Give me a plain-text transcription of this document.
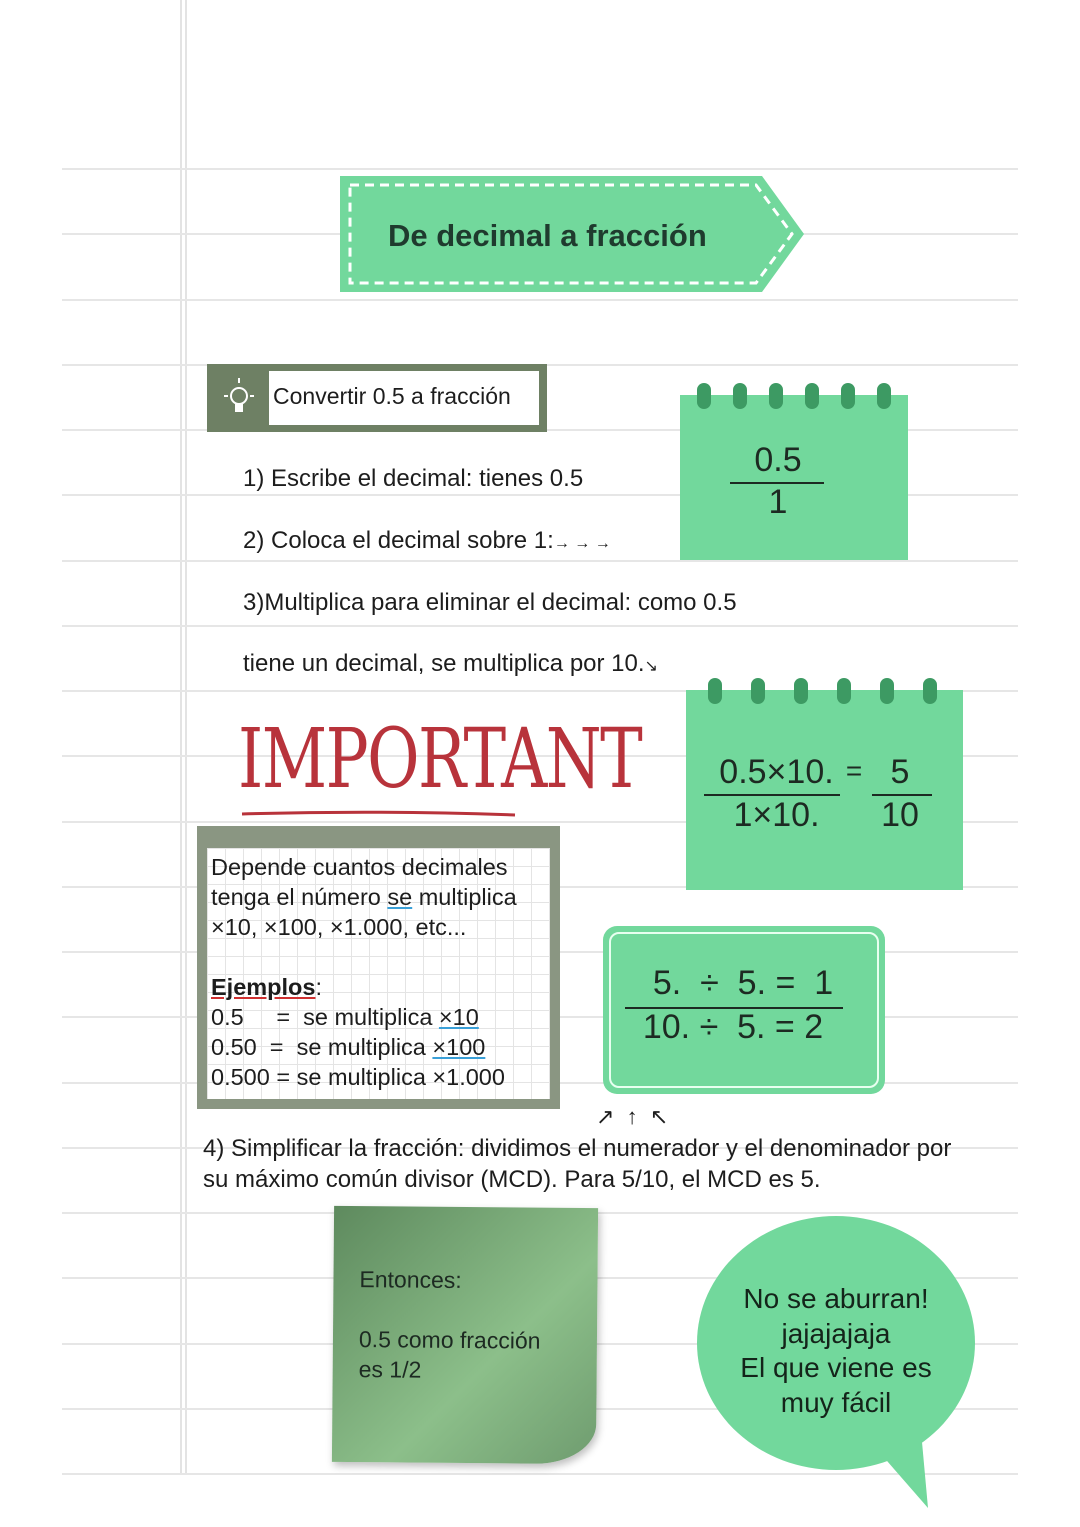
De decimal a fracción
Convertir 0.5 a fracción
1) Escribe el decimal: tienes 0.5
2) Coloca el decimal sobre 1:→ → →
3)Multiplica para eliminar el decimal: como 0.5
tiene un decimal, se multiplica por 10.↘
0.5
1
0.5×10.
1×10.
= 5
10
IMPORTANT
Depende cuantos decimales
tenga el número se multiplica
×10, ×100, ×1.000, etc...
Ejemplos:
0.5     =  se multiplica ×10
0.50  =  se multiplica ×100
0.500 = se multiplica ×1.000
5.  ÷  5. =  1
10. ÷  5. = 2
↗  ↑  ↖
4) Simplificar la fracción: dividimos el numerador y el denominador por su máximo común divisor (MCD). Para 5/10, el MCD es 5.
Entonces:
0.5 como fracción
es 1/2
No se aburran!
jajajajaja
El que viene es
muy fácil
